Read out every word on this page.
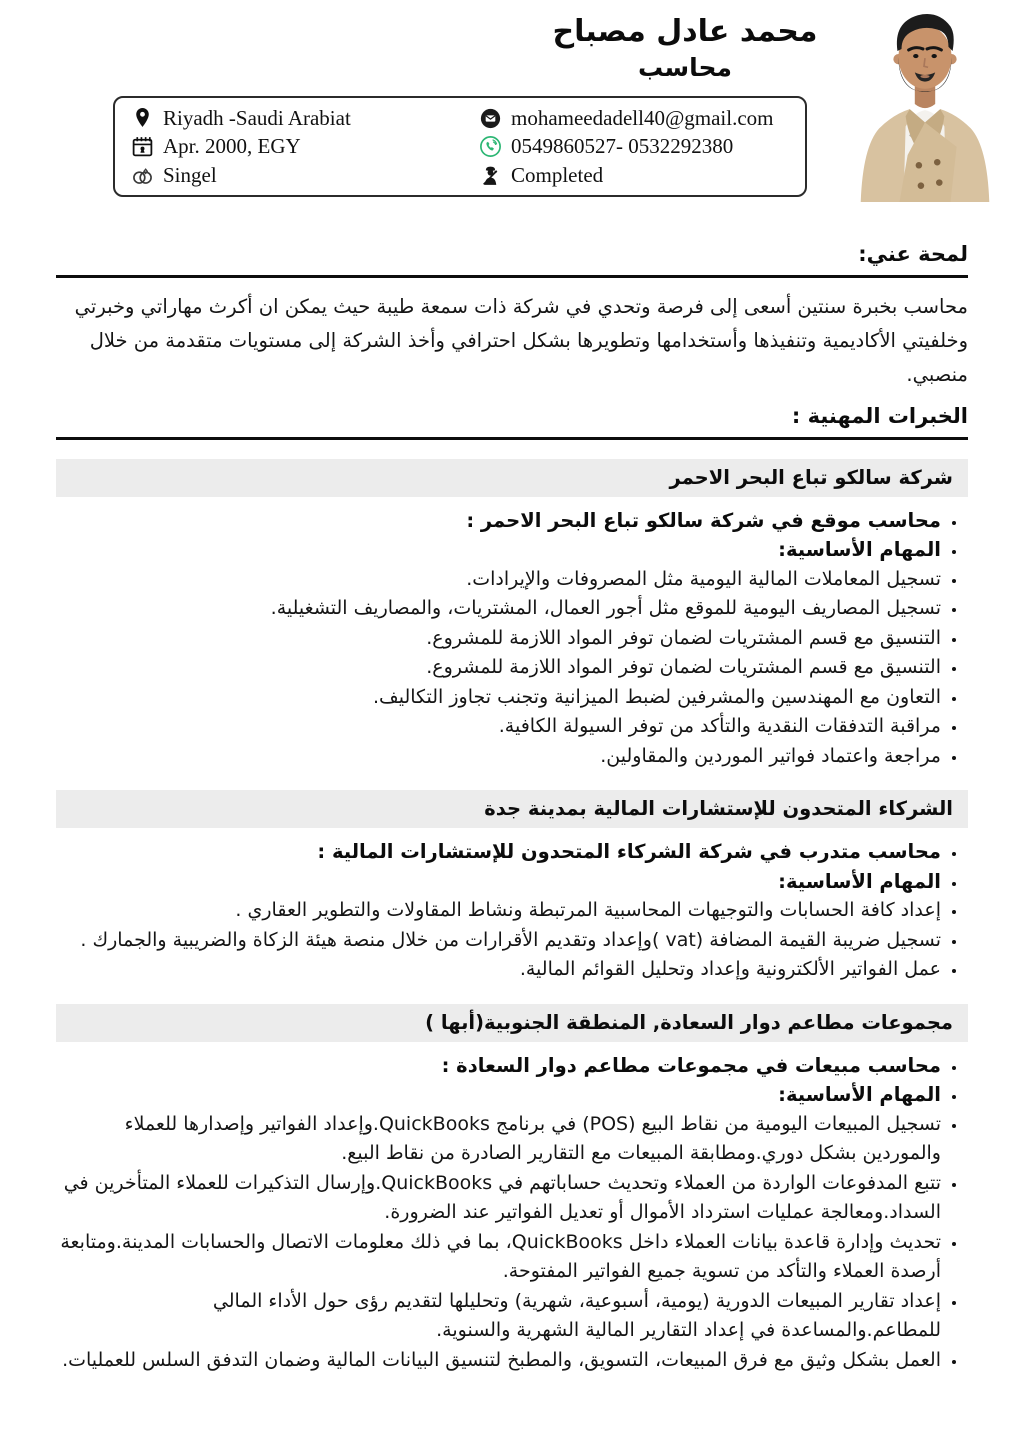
محمد عادل مصباح
محاسب
Riyadh -Saudi Arabiat
Apr. 2000, EGY
Singel
mohameedadell40@gmail.com
0549860527- 0532292380
Completed
لمحة عني:

محاسب بخبرة سنتين أسعى إلى فرصة وتحدي في شركة ذات سمعة طيبة حيث يمكن ان أكرث مهاراتي وخبرتي وخلفيتي الأكاديمية وتنفيذها وأستخدامها وتطويرها بشكل احترافي وأخذ الشركة إلى مستويات متقدمة من خلال منصبي.

الخبرات المهنية :
شركة سالكو تباع البحر الاحمر
• محاسب موقع في شركة سالكو تباع البحر الاحمر :
• المهام الأساسية:
• تسجيل المعاملات المالية اليومية مثل المصروفات والإيرادات.
• تسجيل المصاريف اليومية للموقع مثل أجور العمال، المشتريات، والمصاريف التشغيلية.
• التنسيق مع قسم المشتريات لضمان توفر المواد اللازمة للمشروع.
• التنسيق مع قسم المشتريات لضمان توفر المواد اللازمة للمشروع.
• التعاون مع المهندسين والمشرفين لضبط الميزانية وتجنب تجاوز التكاليف.
• مراقبة التدفقات النقدية والتأكد من توفر السيولة الكافية.
• مراجعة واعتماد فواتير الموردين والمقاولين.
الشركاء المتحدون للإستشارات المالية بمدينة جدة
• محاسب متدرب في شركة الشركاء المتحدون للإستشارات المالية :
• المهام الأساسية:
• إعداد كافة الحسابات والتوجيهات المحاسبية المرتبطة ونشاط المقاولات والتطوير العقاري .
• تسجيل ضريبة القيمة المضافة (vat )وإعداد وتقديم الأقرارات من خلال منصة هيئة الزكاة والضريبية والجمارك .
• عمل الفواتير الألكترونية وإعداد وتحليل القوائم المالية.
مجموعات مطاعم دوار السعادة, المنطقة الجنوبية(أبها )
• محاسب مبيعات في مجموعات مطاعم دوار السعادة :
• المهام الأساسية:
• تسجيل المبيعات اليومية من نقاط البيع (POS) في برنامج QuickBooks.وإعداد الفواتير وإصدارها للعملاء والموردين بشكل دوري.ومطابقة المبيعات مع التقارير الصادرة من نقاط البيع.
• تتبع المدفوعات الواردة من العملاء وتحديث حساباتهم في QuickBooks.وإرسال التذكيرات للعملاء المتأخرين في السداد.ومعالجة عمليات استرداد الأموال أو تعديل الفواتير عند الضرورة.
• تحديث وإدارة قاعدة بيانات العملاء داخل QuickBooks، بما في ذلك معلومات الاتصال والحسابات المدينة.ومتابعة أرصدة العملاء والتأكد من تسوية جميع الفواتير المفتوحة.
• إعداد تقارير المبيعات الدورية (يومية، أسبوعية، شهرية) وتحليلها لتقديم رؤى حول الأداء المالي للمطاعم.والمساعدة في إعداد التقارير المالية الشهرية والسنوية.
• العمل بشكل وثيق مع فرق المبيعات، التسويق، والمطبخ لتنسيق البيانات المالية وضمان التدفق السلس للعمليات.
